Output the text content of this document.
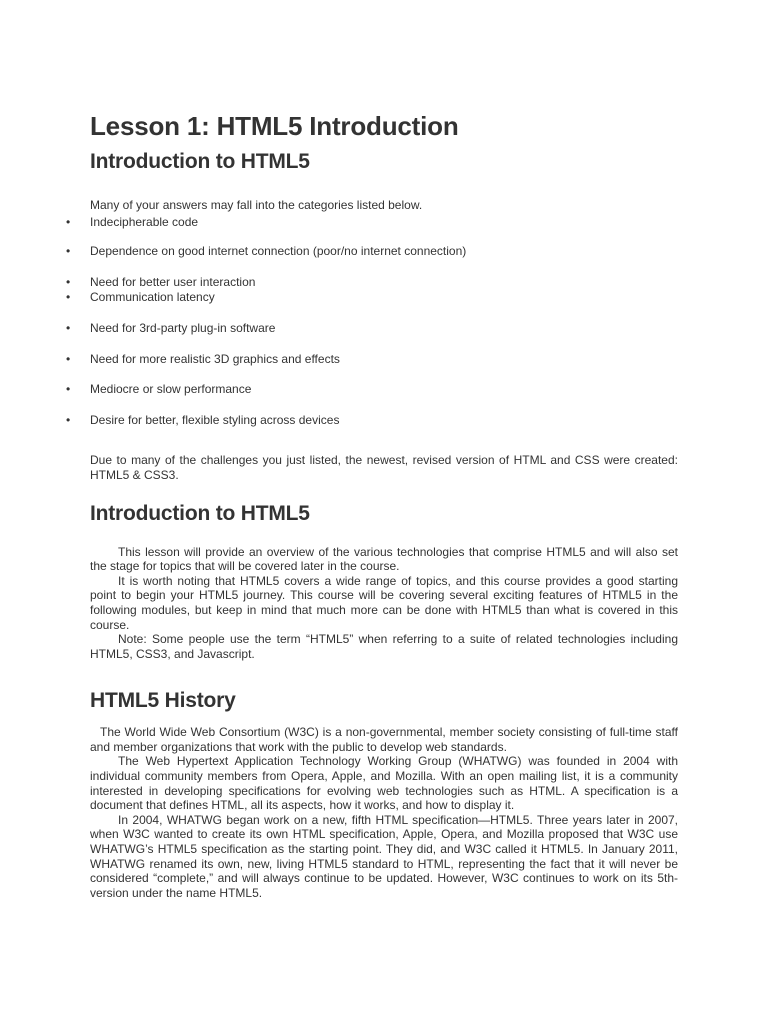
Lesson 1: HTML5 Introduction
Introduction to HTML5

Many of your answers may fall into the categories listed below.

• Indecipherable code
• Dependence on good internet connection (poor/no internet connection)
• Need for better user interaction
• Communication latency
• Need for 3rd-party plug-in software
• Need for more realistic 3D graphics and effects
• Mediocre or slow performance
• Desire for better, flexible styling across devices

Due to many of the challenges you just listed, the newest, revised version of HTML and CSS were created: HTML5 & CSS3.

Introduction to HTML5

This lesson will provide an overview of the various technologies that comprise HTML5 and will also set the stage for topics that will be covered later in the course.

It is worth noting that HTML5 covers a wide range of topics, and this course provides a good starting point to begin your HTML5 journey. This course will be covering several exciting features of HTML5 in the following modules, but keep in mind that much more can be done with HTML5 than what is covered in this course.

Note: Some people use the term “HTML5” when referring to a suite of related technologies including HTML5, CSS3, and Javascript.

HTML5 History

The World Wide Web Consortium (W3C) is a non-governmental, member society consisting of full-time staff and member organizations that work with the public to develop web standards.

The Web Hypertext Application Technology Working Group (WHATWG) was founded in 2004 with individual community members from Opera, Apple, and Mozilla. With an open mailing list, it is a community interested in developing specifications for evolving web technologies such as HTML. A specification is a document that defines HTML, all its aspects, how it works, and how to display it.

In 2004, WHATWG began work on a new, fifth HTML specification—HTML5. Three years later in 2007, when W3C wanted to create its own HTML specification, Apple, Opera, and Mozilla proposed that W3C use WHATWG’s HTML5 specification as the starting point. They did, and W3C called it HTML5. In January 2011, WHATWG renamed its own, new, living HTML5 standard to HTML, representing the fact that it will never be considered “complete,” and will always continue to be updated. However, W3C continues to work on its 5th-version under the name HTML5.
